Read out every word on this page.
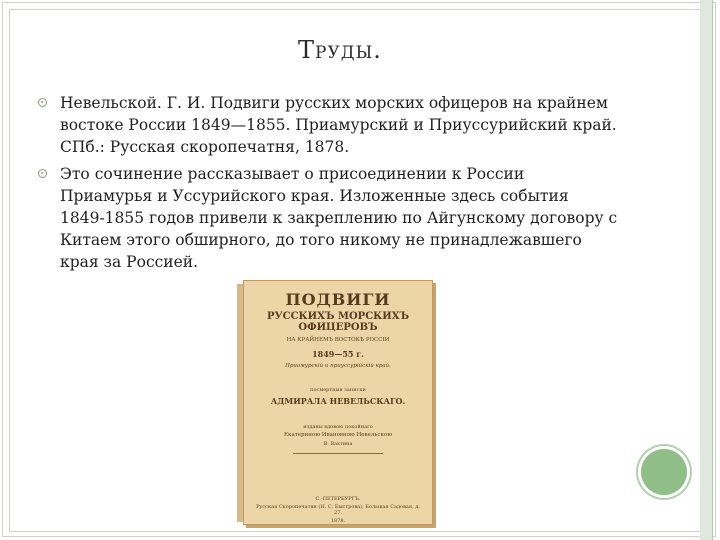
Труды.
Невельской. Г. И. Подвиги русских морских офицеров на крайнем востоке России 1849—1855. Приамурский и Приуссурийский край. СПб.: Русская скоропечатня, 1878.
Это сочинение рассказывает о присоединении к России Приамурья и Уссурийского края. Изложенные здесь события 1849-1855 годов привели к закреплению по Айгунскому договору с Китаем этого обширного, до того никому не принадлежавшего края за Россией.
ПОДВИГИ
РУССКИХЪ МОРСКИХЪ ОФИЦЕРОВЪ
НА КРАЙНЕМЪ ВОСТОКѢ РОССІИ
1849—55 г.
Приамурскій и приуссурійскій край.
посмертныя записки
АДМИРАЛА НЕВЕЛЬСКАГО.
изданы вдовою покойнаго
Екатериною Ивановною Невельскою
В. Вахтина
С.-ПЕТЕРБУРГЪ.
Русская Скоропечатня (Н. С. Быстрова), Большая Садовая, д. 27.
1878.
